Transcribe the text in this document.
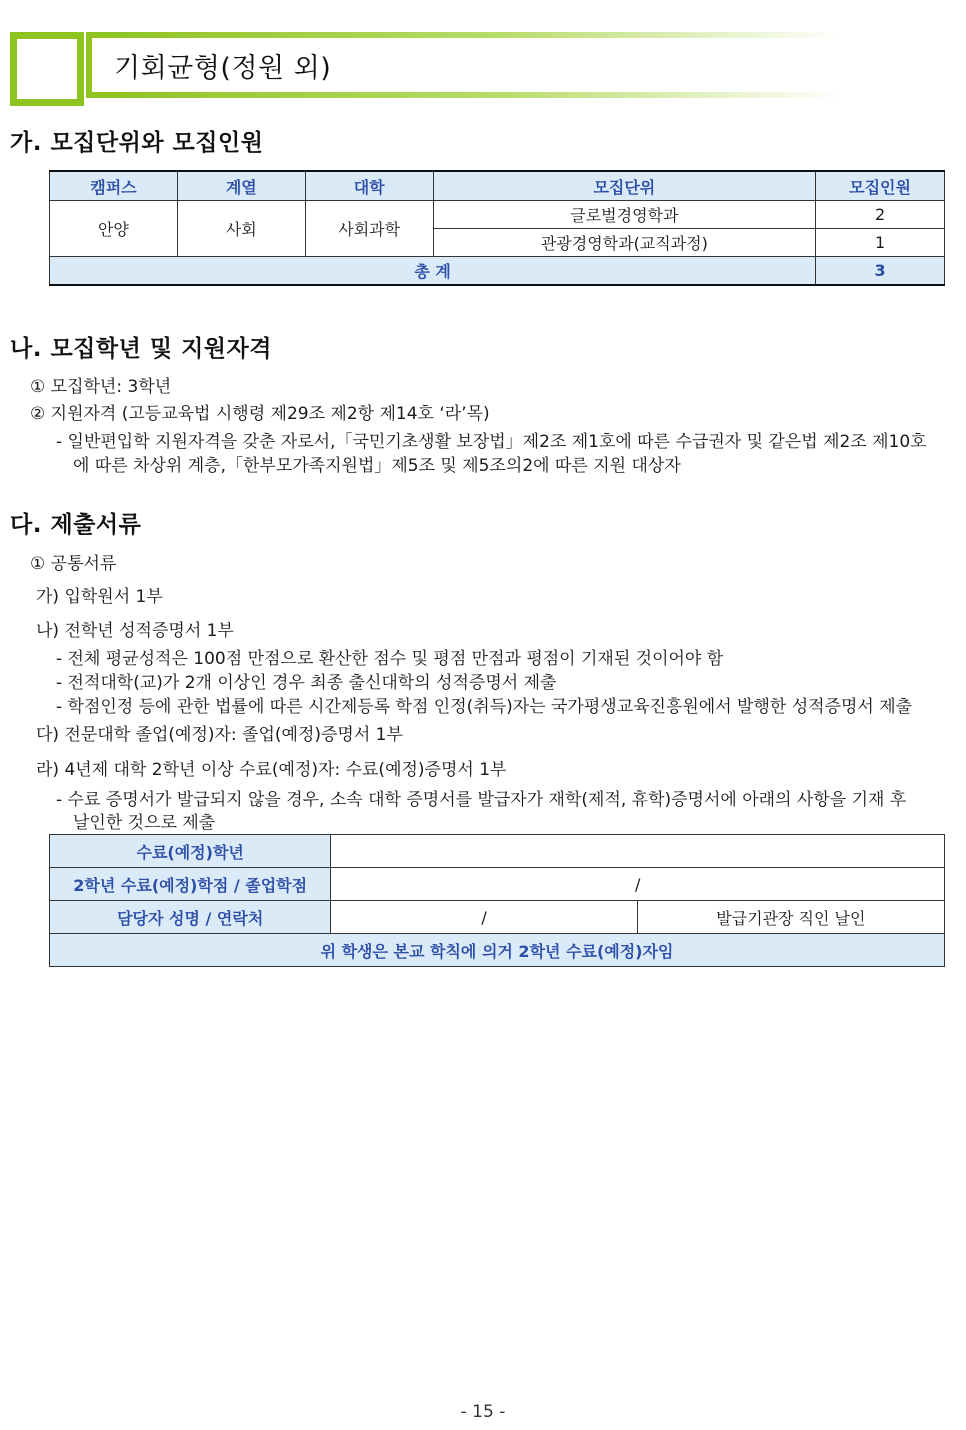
기회균형(정원 외)
가. 모집단위와 모집인원
캠퍼스	계열	대학	모집단위	모집인원
안양	사회	사회과학	글로벌경영학과	2
			관광경영학과(교직과정)	1
총 계				3
나. 모집학년 및 지원자격
① 모집학년: 3학년
② 지원자격 (고등교육법 시행령 제29조 제2항 제14호 ‘라’목)
- 일반편입학 지원자격을 갖춘 자로서,「국민기초생활 보장법」제2조 제1호에 따른 수급권자 및 같은법 제2조 제10호
에 따른 차상위 계층,「한부모가족지원법」제5조 및 제5조의2에 따른 지원 대상자
다. 제출서류
① 공통서류
가) 입학원서 1부
나) 전학년 성적증명서 1부
- 전체 평균성적은 100점 만점으로 환산한 점수 및 평점 만점과 평점이 기재된 것이어야 함
- 전적대학(교)가 2개 이상인 경우 최종 출신대학의 성적증명서 제출
- 학점인정 등에 관한 법률에 따른 시간제등록 학점 인정(취득)자는 국가평생교육진흥원에서 발행한 성적증명서 제출
다) 전문대학 졸업(예정)자: 졸업(예정)증명서 1부
라) 4년제 대학 2학년 이상 수료(예정)자: 수료(예정)증명서 1부
- 수료 증명서가 발급되지 않을 경우, 소속 대학 증명서를 발급자가 재학(제적, 휴학)증명서에 아래의 사항을 기재 후
날인한 것으로 제출
수료(예정)학년		
2학년 수료(예정)학점 / 졸업학점	/	
담당자 성명 / 연락처	/	발급기관장 직인 날인
위 학생은 본교 학칙에 의거 2학년 수료(예정)자임		
- 15 -
